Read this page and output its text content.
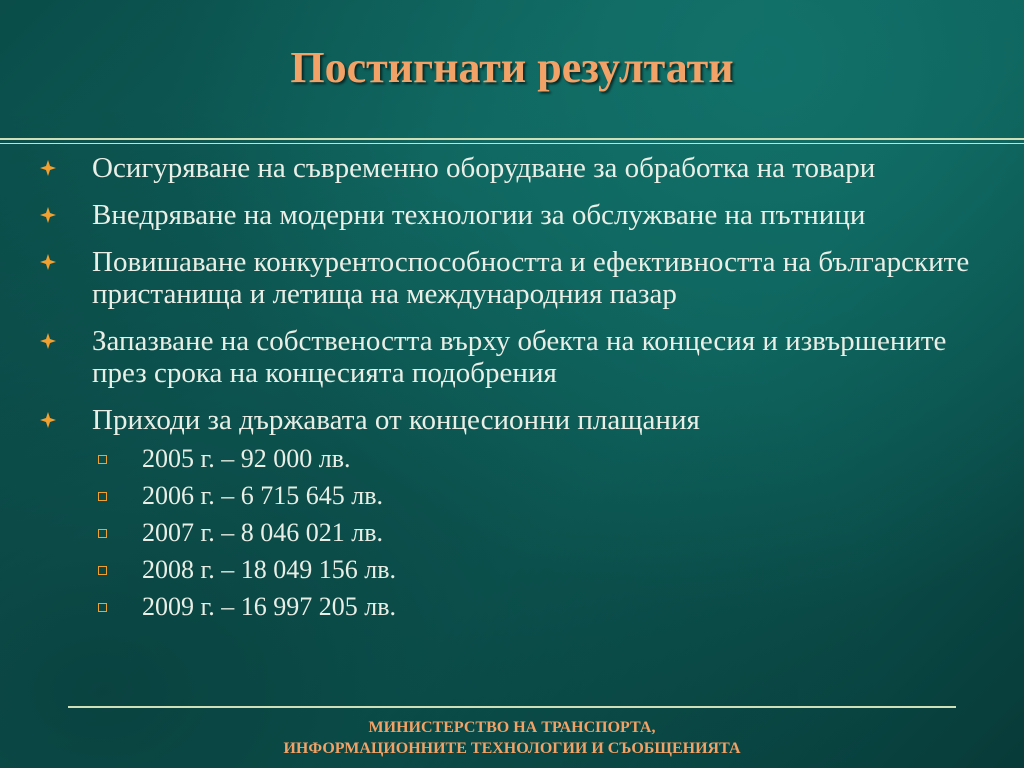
Постигнати резултати
Осигуряване на съвременно оборудване за обработка на товари
Внедряване на модерни технологии за обслужване на пътници
Повишаване конкурентоспособността и ефективността на българските пристанища и летища на международния пазар
Запазване на собствеността върху обекта на концесия и извършените през срока на концесията подобрения
Приходи за държавата от концесионни плащания
2005 г. – 92 000 лв.
2006 г. – 6 715 645 лв.
2007 г. – 8 046 021 лв.
2008 г. – 18 049 156 лв.
2009 г. – 16 997 205 лв.
МИНИСТЕРСТВО НА ТРАНСПОРТА,
ИНФОРМАЦИОННИТЕ ТЕХНОЛОГИИ И СЪОБЩЕНИЯТА
